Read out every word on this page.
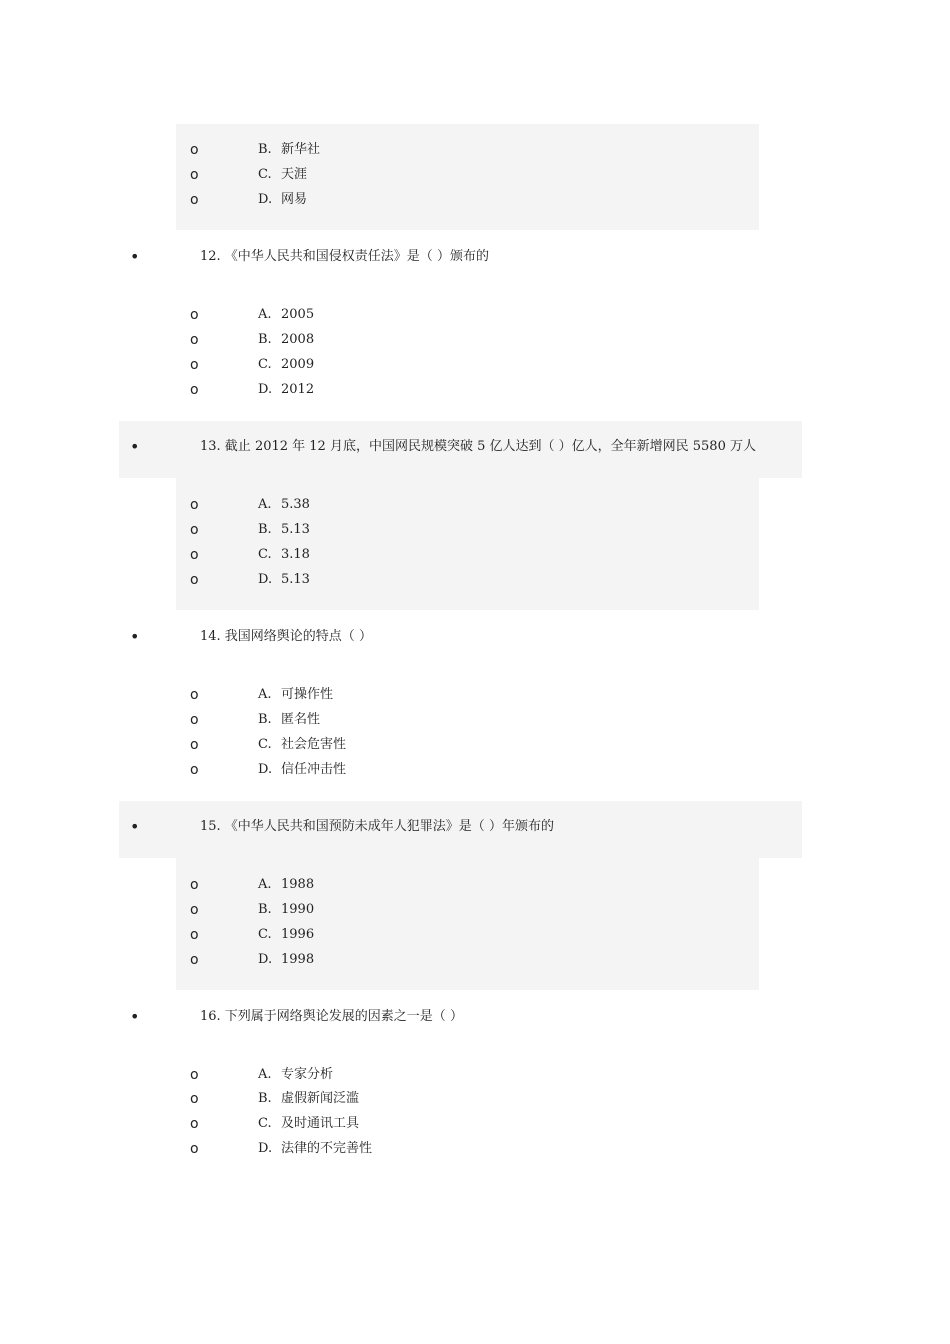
o	B. 新华社
o	C. 天涯
o	D. 网易
•	12. 《中华人民共和国侵权责任法》是（ ）颁布的
o	A. 2005
o	B. 2008
o	C. 2009
o	D. 2012
•	13. 截止 2012 年 12 月底，中国网民规模突破 5 亿人达到（ ）亿人，全年新增网民 5580 万人
o	A. 5.38
o	B. 5.13
o	C. 3.18
o	D. 5.13
•	14. 我国网络舆论的特点（ ）
o	A. 可操作性
o	B. 匿名性
o	C. 社会危害性
o	D. 信任冲击性
•	15. 《中华人民共和国预防未成年人犯罪法》是（ ）年颁布的
o	A. 1988
o	B. 1990
o	C. 1996
o	D. 1998
•	16. 下列属于网络舆论发展的因素之一是（ ）
o	A. 专家分析
o	B. 虚假新闻泛滥
o	C. 及时通讯工具
o	D. 法律的不完善性
